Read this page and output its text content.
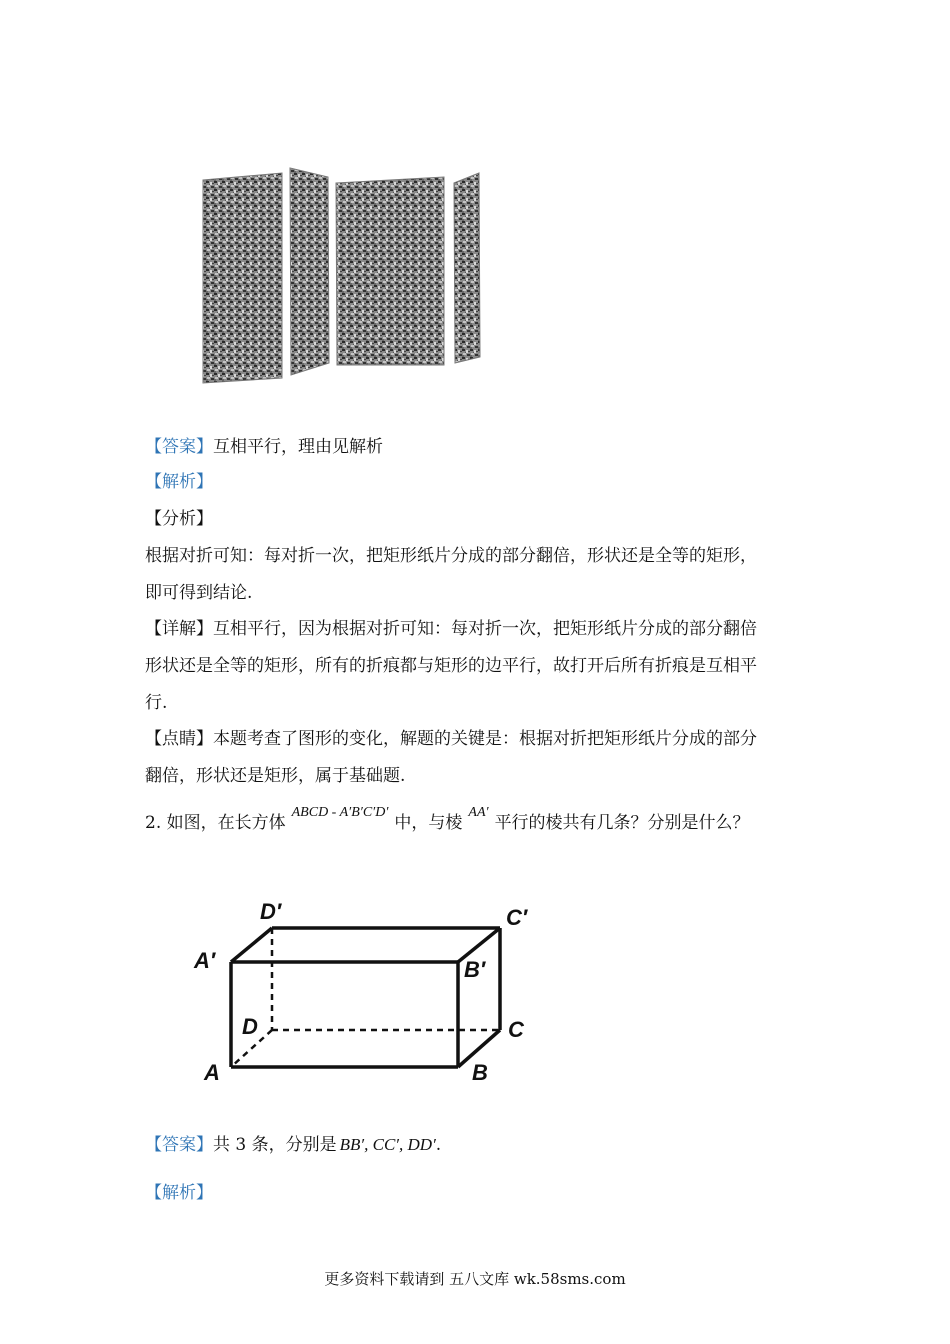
【答案】互相平行，理由见解析
【解析】
【分析】
根据对折可知：每对折一次，把矩形纸片分成的部分翻倍，形状还是全等的矩形，
即可得到结论.
【详解】互相平行，因为根据对折可知：每对折一次，把矩形纸片分成的部分翻倍
形状还是全等的矩形，所有的折痕都与矩形的边平行，故打开后所有折痕是互相平
行.
【点睛】本题考查了图形的变化，解题的关键是：根据对折把矩形纸片分成的部分
翻倍，形状还是矩形，属于基础题.
2. 如图，在长方体$^{ABCD - A'B'C'D'}$中，与棱$^{AA'}$平行的棱共有几条？分别是什么？
D′	C′
A′	B′
D	C
A	B
【答案】共 3 条，分别是 BB′, CC′, DD′.
【解析】
更多资料下载请到 五八文库 wk.58sms.com
